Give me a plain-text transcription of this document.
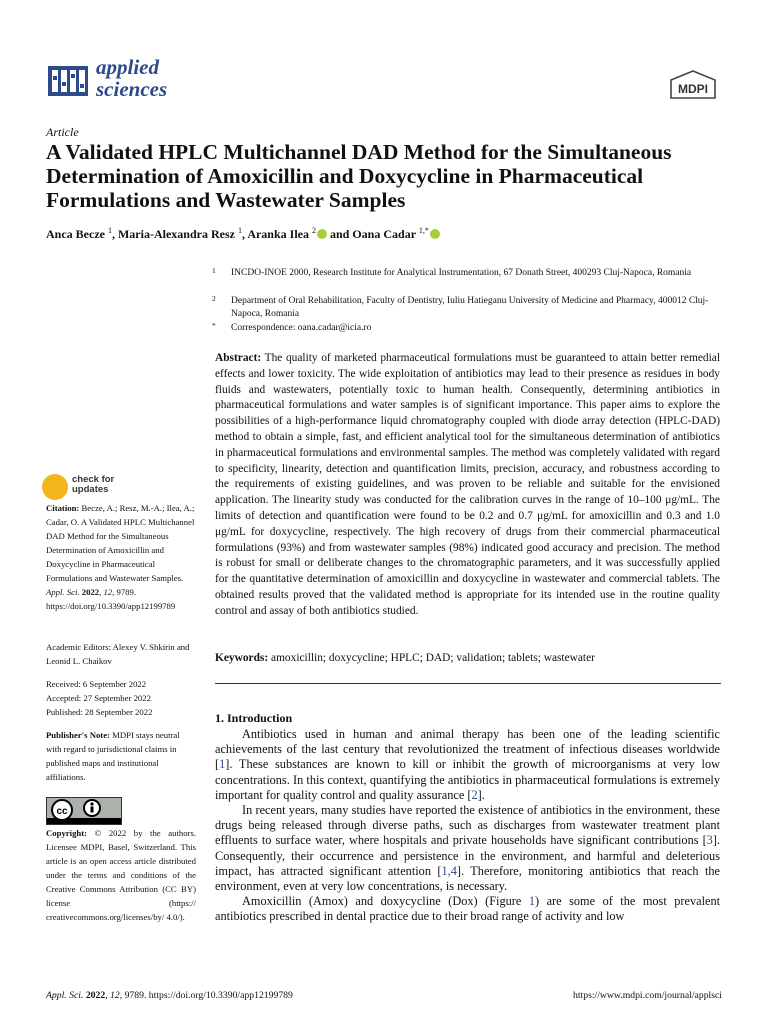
applied
sciences	MDPI
Article
A Validated HPLC Multichannel DAD Method for the Simultaneous Determination of Amoxicillin and Doxycycline in Pharmaceutical Formulations and Wastewater Samples
Anca Becze $^1$, Maria-Alexandra Resz $^1$, Aranka Ilea $^2$ and Oana Cadar $^{1,*}$
1 INCDO-INOE 2000, Research Institute for Analytical Instrumentation, 67 Donath Street, 400293 Cluj-Napoca, Romania
2 Department of Oral Rehabilitation, Faculty of Dentistry, Iuliu Hatieganu University of Medicine and Pharmacy, 400012 Cluj-Napoca, Romania
* Correspondence: oana.cadar@icia.ro
Abstract: The quality of marketed pharmaceutical formulations must be guaranteed to attain better remedial effects and lower toxicity. The wide exploitation of antibiotics may lead to their presence as residues in body fluids and wastewaters, potentially toxic to human health. Consequently, determining antibiotics in pharmaceutical formulations and water samples is of significant importance. This paper aims to explore the possibilities of a high-performance liquid chromatography coupled with diode array detection (HPLC-DAD) method to obtain a simple, fast, and efficient analytical tool for the simultaneous determination of antibiotics in pharmaceutical formulations and environmental samples. The method was completely validated with regard to specificity, linearity, detection and quantification limits, precision, accuracy, and robustness according to the requirements of existing guidelines, and was proven to be reliable and suitable for the envisioned application. The linearity study was conducted for the calibration curves in the range of 10–100 μg/mL. The limits of detection and quantification were found to be 0.2 and 0.7 μg/mL for amoxicillin and 0.3 and 1.0 μg/mL for doxycycline, respectively. The high recovery of drugs from their commercial pharmaceutical formulations (93%) and from wastewater samples (98%) indicated good accuracy and precision. The method is robust for small or deliberate changes to the chromatographic parameters, and it was successfully applied for the quantitative determination of amoxicillin and doxycycline in wastewater and commercial tablets. The obtained results proved that the validated method is appropriate for its intended use in the routine quality control and assay of both antibiotics studied.
Keywords: amoxicillin; doxycycline; HPLC; DAD; validation; tablets; wastewater
check for
updates
Citation: Becze, A.; Resz, M.-A.; Ilea, A.; Cadar, O. A Validated HPLC Multichannel DAD Method for the Simultaneous Determination of Amoxicillin and Doxycycline in Pharmaceutical Formulations and Wastewater Samples. Appl. Sci. 2022, 12, 9789. https://doi.org/10.3390/app12199789
Academic Editors: Alexey V. Shkirin and Leonid L. Chaikov
Received: 6 September 2022
Accepted: 27 September 2022
Published: 28 September 2022
Publisher's Note: MDPI stays neutral with regard to jurisdictional claims in published maps and institutional affiliations.
cc
Copyright: © 2022 by the authors. Licensee MDPI, Basel, Switzerland. This article is an open access article distributed under the terms and conditions of the Creative Commons Attribution (CC BY) license (https:// creativecommons.org/licenses/by/ 4.0/).
1. Introduction

Antibiotics used in human and animal therapy has been one of the leading scientific achievements of the last century that revolutionized the treatment of infectious diseases worldwide [1]. These substances are known to kill or inhibit the growth of microorganisms at very low concentrations. In this context, quantifying the antibiotics in pharmaceutical formulations is extremely important for quality control and quality assurance [2].

In recent years, many studies have reported the existence of antibiotics in the environment, these drugs being released through diverse paths, such as discharges from wastewater treatment plant effluents to surface water, where hospitals and private households have significant contributions [3]. Consequently, their occurrence and persistence in the environment, and harmful and deleterious impact, has attracted significant attention [1,4]. Therefore, monitoring antibiotics that reach the environment, even at very low concentrations, is necessary.

Amoxicillin (Amox) and doxycycline (Dox) (Figure 1) are some of the most prevalent antibiotics prescribed in dental practice due to their broad range of activity and low

Appl. Sci. 2022, 12, 9789. https://doi.org/10.3390/app12199789	https://www.mdpi.com/journal/applsci
